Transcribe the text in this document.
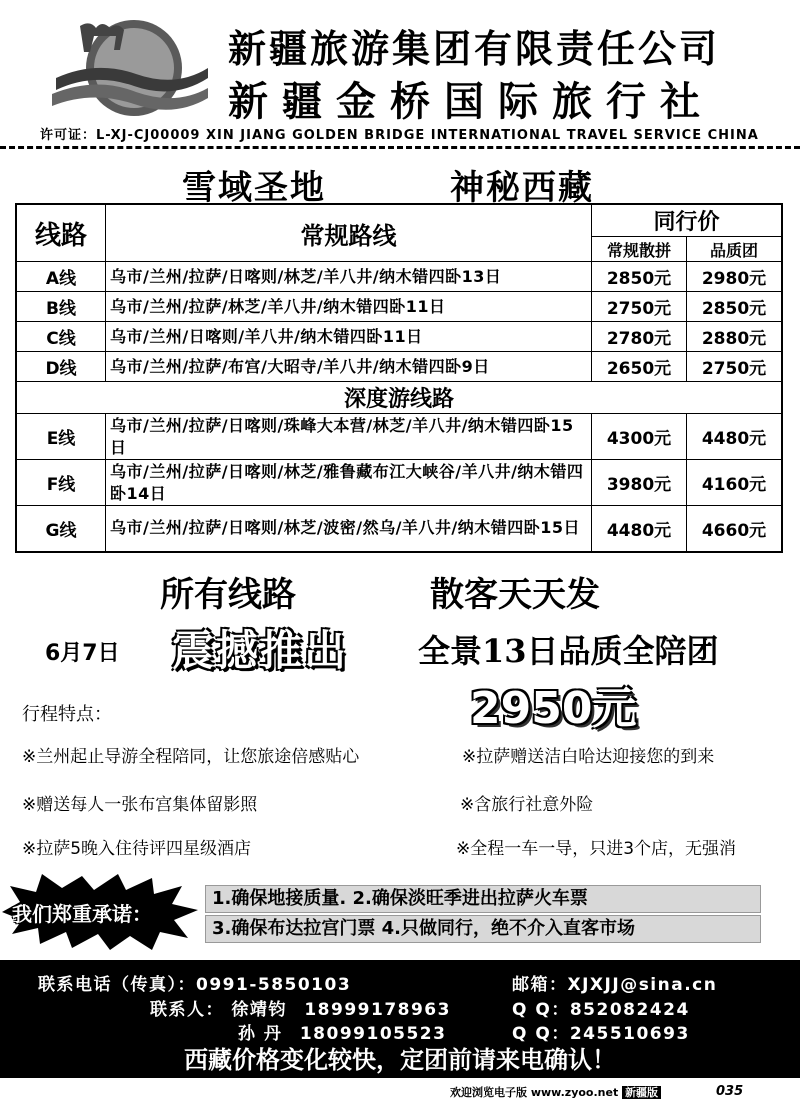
新疆旅游集团有限责任公司
新疆金桥国际旅行社
许可证：L-XJ-CJ00009 XIN JIANG GOLDEN BRIDGE INTERNATIONAL TRAVEL SERVICE CHINA
雪域圣地	神秘西藏
线路	常规路线	同行价	
		常规散拼	品质团
A线	乌市/兰州/拉萨/日喀则/林芝/羊八井/纳木错四卧13日	2850元	2980元
B线	乌市/兰州/拉萨/林芝/羊八井/纳木错四卧11日	2750元	2850元
C线	乌市/兰州/日喀则/羊八井/纳木错四卧11日	2780元	2880元
D线	乌市/兰州/拉萨/布宫/大昭寺/羊八井/纳木错四卧9日	2650元	2750元
深度游线路			
E线	乌市/兰州/拉萨/日喀则/珠峰大本营/林芝/羊八井/纳木错四卧15日	4300元	4480元
F线	乌市/兰州/拉萨/日喀则/林芝/雅鲁藏布江大峡谷/羊八井/纳木错四卧14日	3980元	4160元
G线	乌市/兰州/拉萨/日喀则/林芝/波密/然乌/羊八井/纳木错四卧15日	4480元	4660元
所有线路	散客天天发
6月7日 震撼推出 全景13日品质全陪团
2950元
行程特点：
※兰州起止导游全程陪同，让您旅途倍感贴心	※拉萨赠送洁白哈达迎接您的到来
※赠送每人一张布宫集体留影照	※含旅行社意外险
※拉萨5晚入住待评四星级酒店	※全程一车一导，只进3个店，无强消
我们郑重承诺：
1.确保地接质量. 2.确保淡旺季进出拉萨火车票
3.确保布达拉宫门票 4.只做同行，绝不介入直客市场
联系电话（传真）：0991-5850103	邮箱：XJXJJ@sina.cn
联系人： 徐靖钧 18999178963	Q Q：852082424
孙 丹 18099105523	Q Q：245510693
西藏价格变化较快，定团前请来电确认！
欢迎浏览电子版 www.zyoo.net 新疆版	035
